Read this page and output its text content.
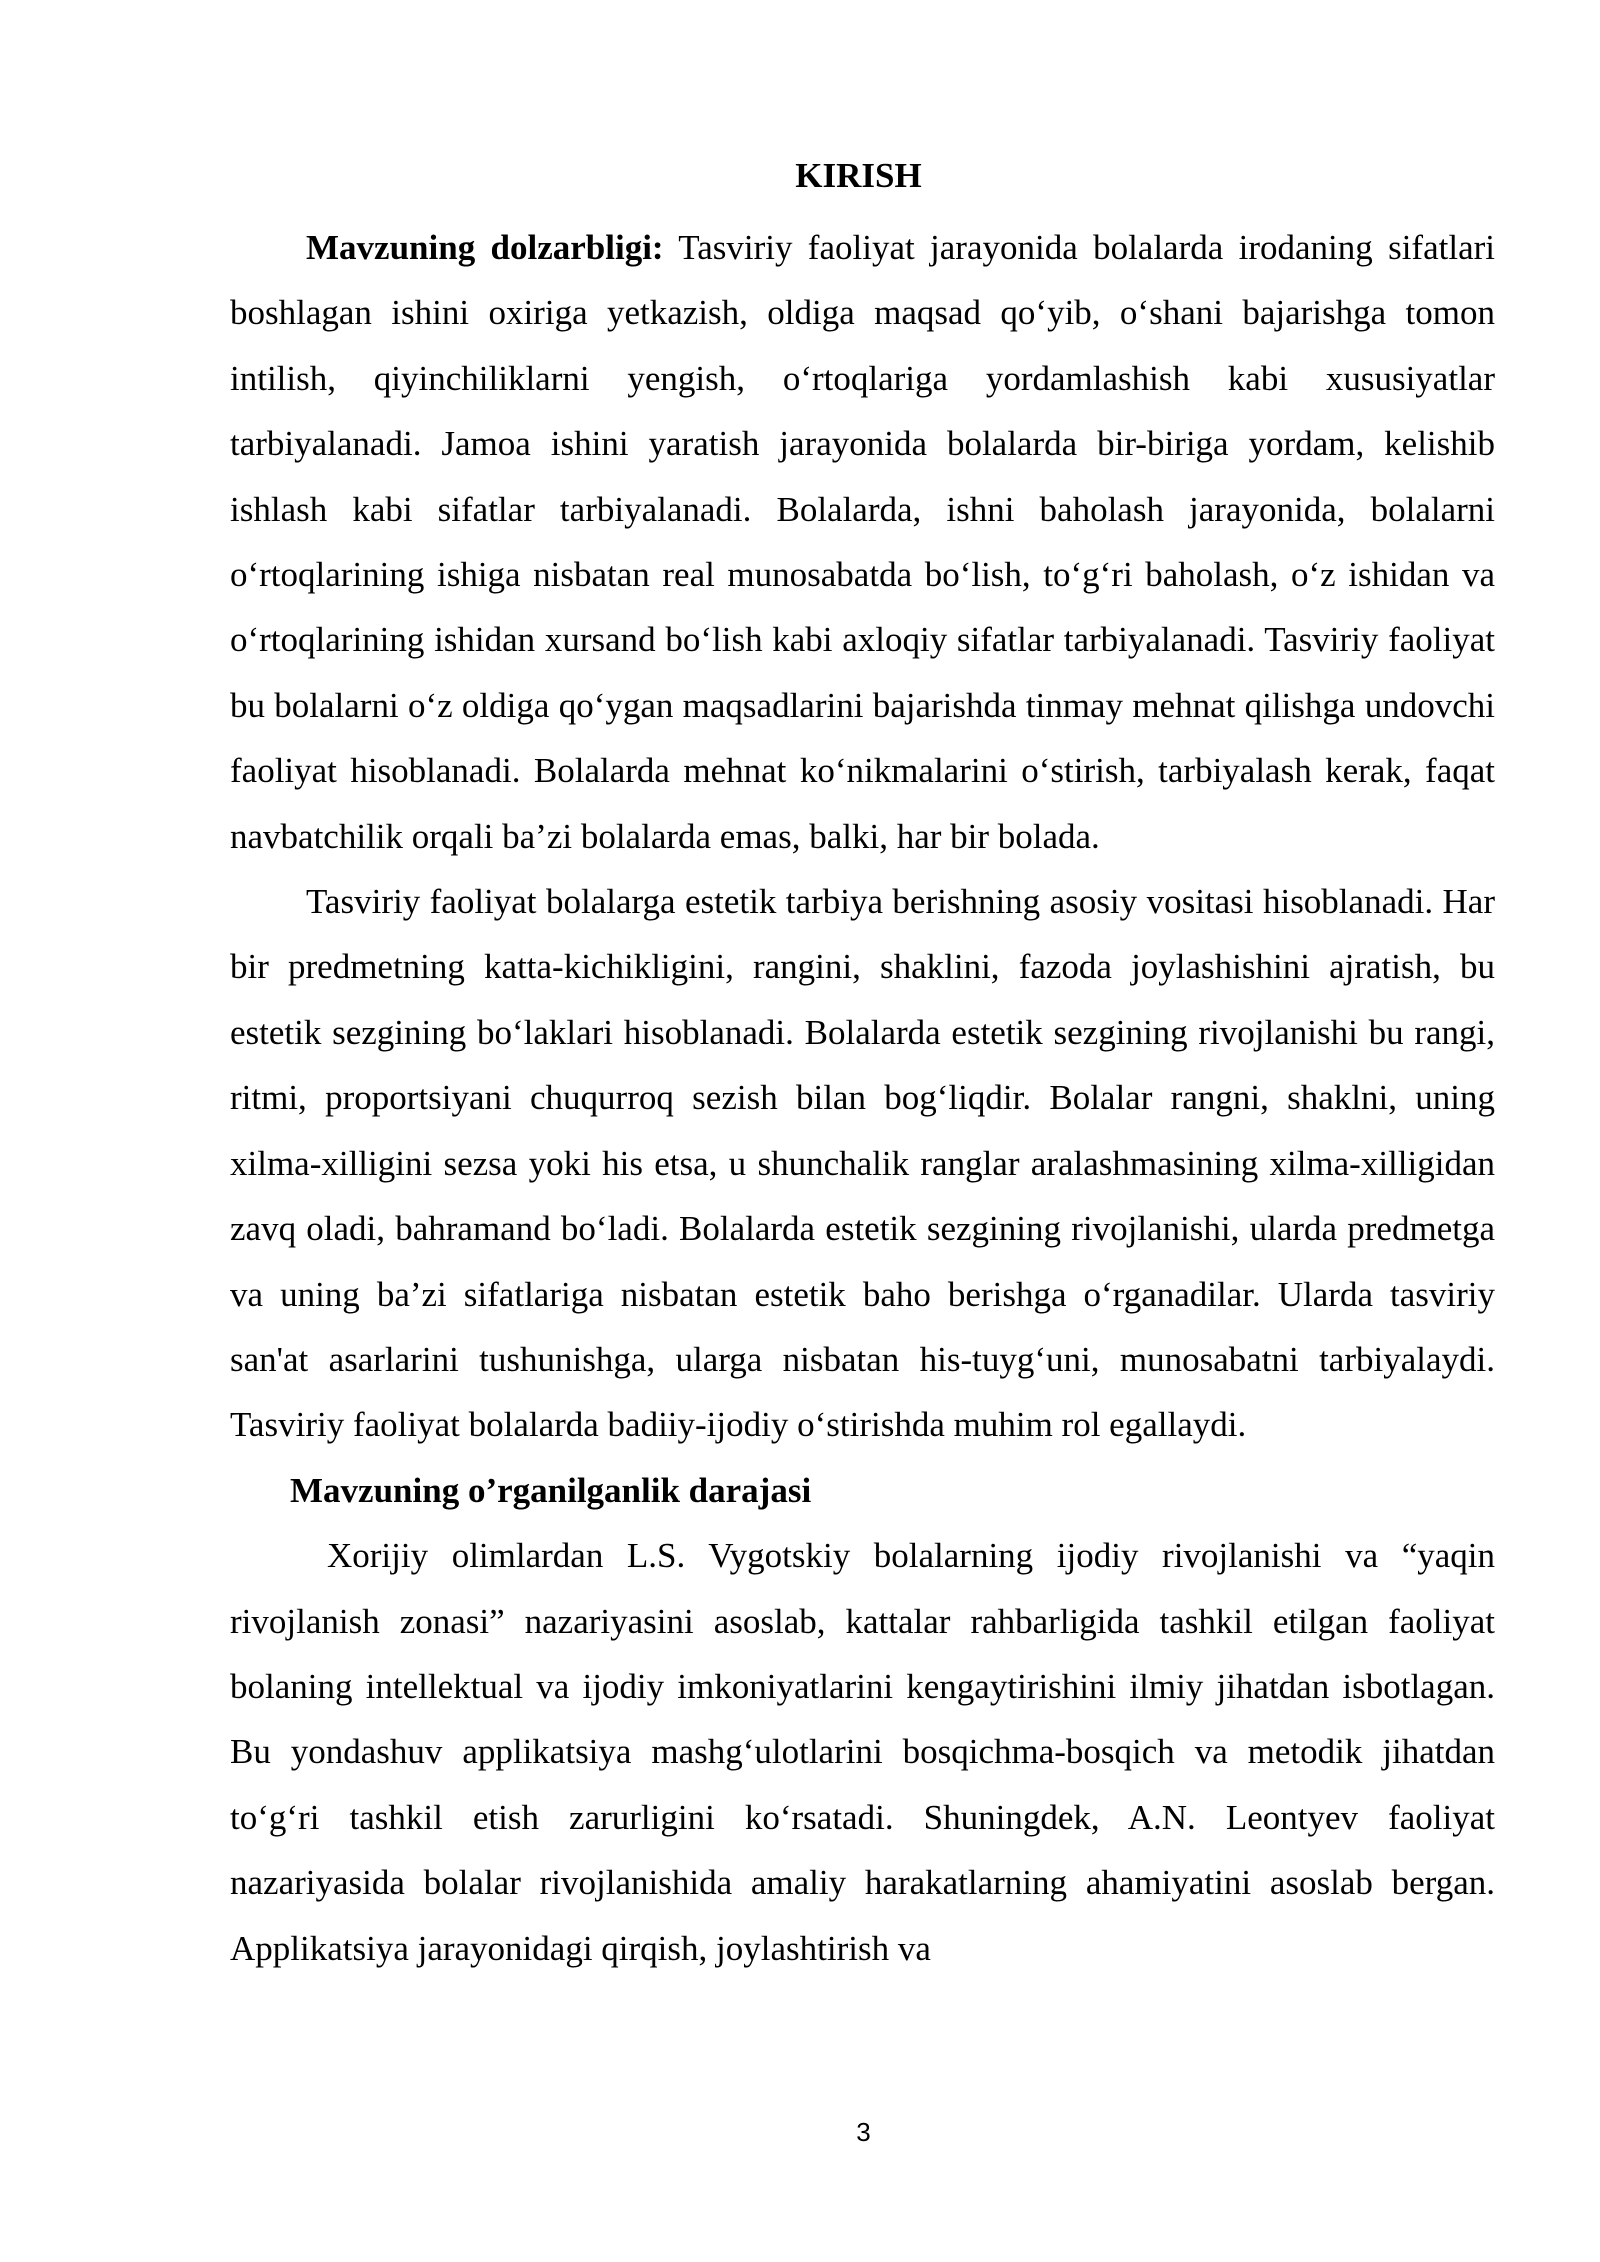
KIRISH

Mavzuning dolzarbligi: Tasviriy faoliyat jarayonida bolalarda irodaning sifatlari boshlagan ishini oxiriga yetkazish, oldiga maqsad qo‘yib, o‘shani bajarishga tomon intilish, qiyinchiliklarni yengish, o‘rtoqlariga yordamlashish kabi xususiyatlar tarbiyalanadi. Jamoa ishini yaratish jarayonida bolalarda bir-biriga yordam, kelishib ishlash kabi sifatlar tarbiyalanadi. Bolalarda, ishni baholash jarayonida, bolalarni o‘rtoqlarining ishiga nisbatan real munosabatda bo‘lish, to‘g‘ri baholash, o‘z ishidan va o‘rtoqlarining ishidan xursand bo‘lish kabi axloqiy sifatlar tarbiyalanadi. Tasviriy faoliyat bu bolalarni o‘z oldiga qo‘ygan maqsadlarini bajarishda tinmay mehnat qilishga undovchi faoliyat hisoblanadi. Bolalarda mehnat ko‘nikmalarini o‘stirish, tarbiyalash kerak, faqat navbatchilik orqali ba’zi bolalarda emas, balki, har bir bolada.

Tasviriy faoliyat bolalarga estetik tarbiya berishning asosiy vositasi hisoblanadi. Har bir predmetning katta-kichikligini, rangini, shaklini, fazoda joylashishini ajratish, bu estetik sezgining bo‘laklari hisoblanadi. Bolalarda estetik sezgining rivojlanishi bu rangi, ritmi, proportsiyani chuqurroq sezish bilan bog‘liqdir. Bolalar rangni, shaklni, uning xilma-xilligini sezsa yoki his etsa, u shunchalik ranglar aralashmasining xilma-xilligidan zavq oladi, bahramand bo‘ladi. Bolalarda estetik sezgining rivojlanishi, ularda predmetga va uning ba’zi sifatlariga nisbatan estetik baho berishga o‘rganadilar. Ularda tasviriy san'at asarlarini tushunishga, ularga nisbatan his-tuyg‘uni, munosabatni tarbiyalaydi. Tasviriy faoliyat bolalarda badiiy-ijodiy o‘stirishda muhim rol egallaydi.

Mavzuning o’rganilganlik darajasi

Xorijiy olimlardan L.S. Vygotskiy bolalarning ijodiy rivojlanishi va “yaqin rivojlanish zonasi” nazariyasini asoslab, kattalar rahbarligida tashkil etilgan faoliyat bolaning intellektual va ijodiy imkoniyatlarini kengaytirishini ilmiy jihatdan isbotlagan. Bu yondashuv applikatsiya mashg‘ulotlarini bosqichma-bosqich va metodik jihatdan to‘g‘ri tashkil etish zarurligini ko‘rsatadi. Shuningdek, A.N. Leontyev faoliyat nazariyasida bolalar rivojlanishida amaliy harakatlarning ahamiyatini asoslab bergan. Applikatsiya jarayonidagi qirqish, joylashtirish va

3
